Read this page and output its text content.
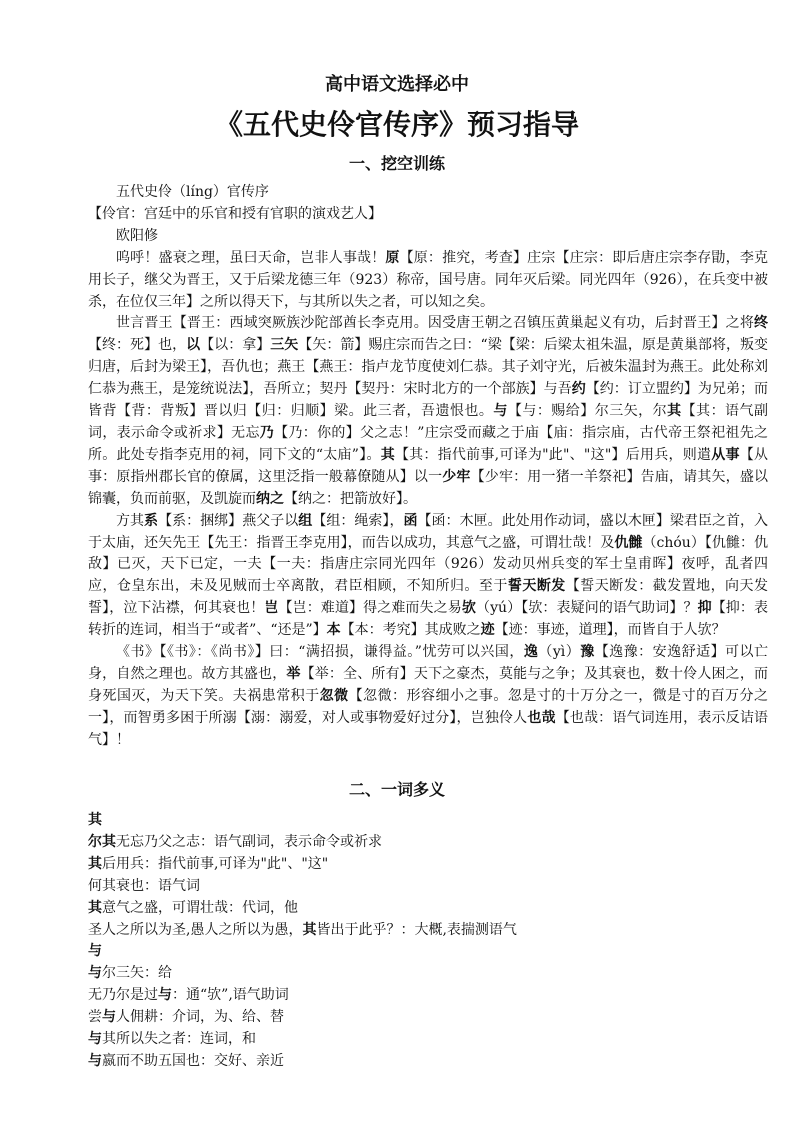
高中语文选择必中
《五代史伶官传序》预习指导
一、挖空训练

五代史伶（líng）官传序

【伶官：宫廷中的乐官和授有官职的演戏艺人】

欧阳修

呜呼！盛衰之理，虽曰天命，岂非人事哉！原【原：推究，考查】庄宗【庄宗：即后唐庄宗李存勖，李克用长子，继父为晋王，又于后梁龙德三年（923）称帝，国号唐。同年灭后梁。同光四年（926），在兵变中被杀，在位仅三年】之所以得天下，与其所以失之者，可以知之矣。

世言晋王【晋王：西域突厥族沙陀部酋长李克用。因受唐王朝之召镇压黄巢起义有功，后封晋王】之将终【终：死】也，以【以：拿】三矢【矢：箭】赐庄宗而告之曰：“梁【梁：后梁太祖朱温，原是黄巢部将，叛变归唐，后封为梁王】，吾仇也；燕王【燕王：指卢龙节度使刘仁恭。其子刘守光，后被朱温封为燕王。此处称刘仁恭为燕王，是笼统说法】，吾所立；契丹【契丹：宋时北方的一个部族】与吾约【约：订立盟约】为兄弟；而皆背【背：背叛】晋以归【归：归顺】梁。此三者，吾遗恨也。与【与：赐给】尔三矢，尔其【其：语气副词，表示命令或祈求】无忘乃【乃：你的】父之志！”庄宗受而藏之于庙【庙：指宗庙，古代帝王祭祀祖先之所。此处专指李克用的祠，同下文的“太庙”】。其【其：指代前事,可译为"此"、"这"】后用兵，则遣从事【从事：原指州郡长官的僚属，这里泛指一般幕僚随从】以一少牢【少牢：用一猪一羊祭祀】告庙，请其矢，盛以锦囊，负而前驱，及凯旋而纳之【纳之：把箭放好】。

方其系【系：捆绑】燕父子以组【组：绳索】，函【函：木匣。此处用作动词，盛以木匣】梁君臣之首，入于太庙，还矢先王【先王：指晋王李克用】，而告以成功，其意气之盛，可谓壮哉！及仇雠（chóu）【仇雠：仇敌】已灭，天下已定，一夫【一夫：指唐庄宗同光四年（926）发动贝州兵变的军士皇甫晖】夜呼，乱者四应，仓皇东出，未及见贼而士卒离散，君臣相顾，不知所归。至于誓天断发【誓天断发：截发置地，向天发誓】，泣下沾襟，何其衰也！岂【岂：难道】得之难而失之易欤（yú）【欤：表疑问的语气助词】？抑【抑：表转折的连词，相当于“或者”、“还是”】本【本：考究】其成败之迹【迹：事迹，道理】，而皆自于人欤？

《书》【《书》：《尚书》】曰：“满招损，谦得益。”忧劳可以兴国，逸（yì）豫【逸豫：安逸舒适】可以亡身，自然之理也。故方其盛也，举【举：全、所有】天下之豪杰，莫能与之争；及其衰也，数十伶人困之，而身死国灭，为天下笑。夫祸患常积于忽微【忽微：形容细小之事。忽是寸的十万分之一，微是寸的百万分之一】，而智勇多困于所溺【溺：溺爱，对人或事物爱好过分】，岂独伶人也哉【也哉：语气词连用，表示反诘语气】！

二、一词多义

其

尔其无忘乃父之志：语气副词，表示命令或祈求

其后用兵：指代前事,可译为"此"、"这"

何其衰也：语气词

其意气之盛，可谓壮哉：代词，他

圣人之所以为圣,愚人之所以为愚，其皆出于此乎？：大概,表揣测语气

与

与尔三矢：给

无乃尔是过与：通“欤”,语气助词

尝与人佣耕：介词，为、给、替

与其所以失之者：连词，和

与嬴而不助五国也：交好、亲近
